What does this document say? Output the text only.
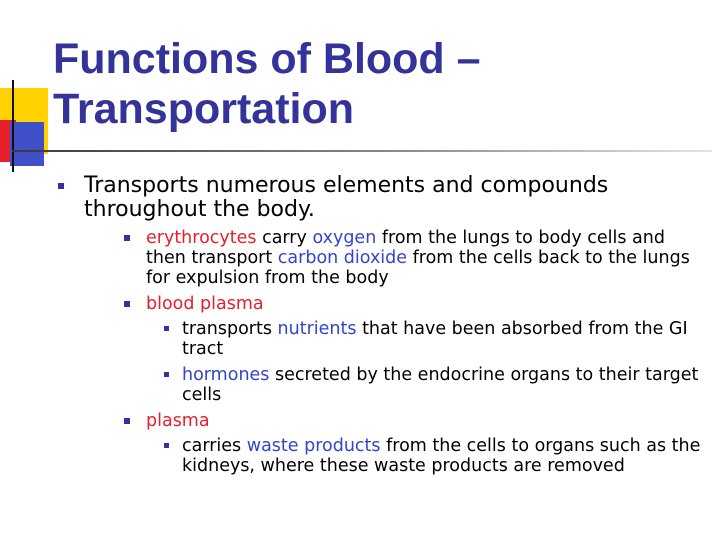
Functions of Blood – Transportation
Transports numerous elements and compounds throughout the body.
erythrocytes carry oxygen from the lungs to body cells and then transport carbon dioxide from the cells back to the lungs for expulsion from the body
blood plasma
transports nutrients that have been absorbed from the GI tract
hormones secreted by the endocrine organs to their target cells
plasma
carries waste products from the cells to organs such as the kidneys, where these waste products are removed
